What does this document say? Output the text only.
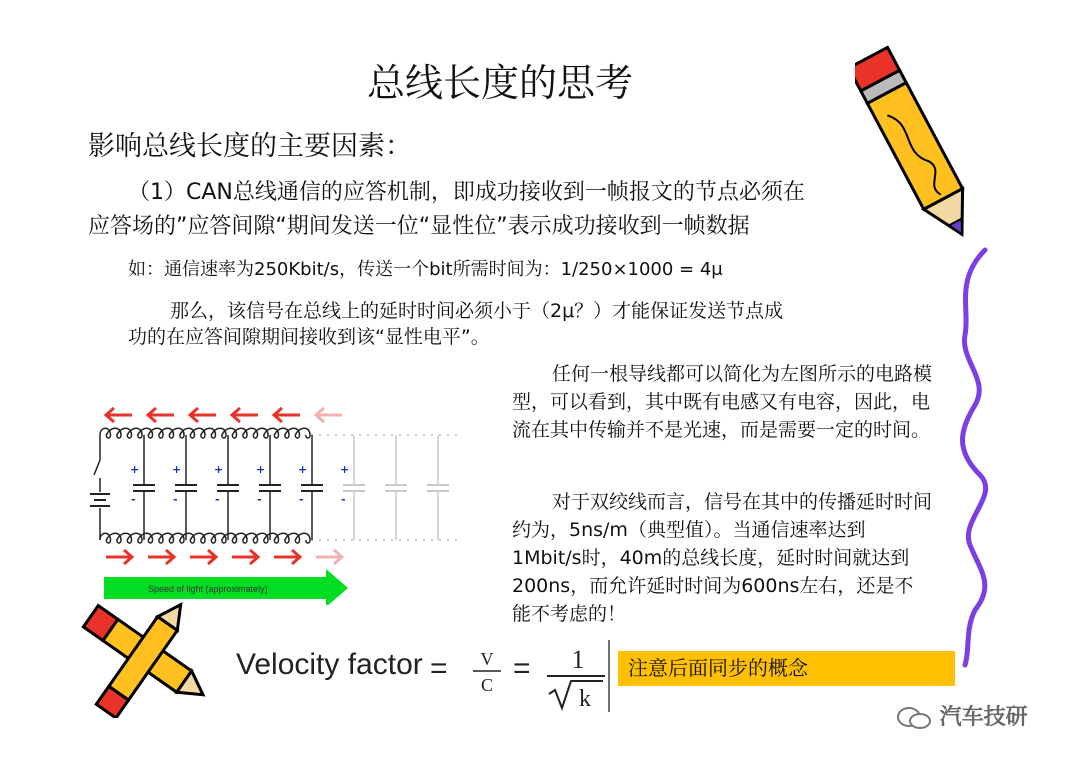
总线长度的思考
影响总线长度的主要因素：
（1）CAN总线通信的应答机制，即成功接收到一帧报文的节点必须在
应答场的”应答间隙“期间发送一位“显性位”表示成功接收到一帧数据
如：通信速率为250Kbit/s，传送一个bit所需时间为：1/250×1000 = 4μ
那么，该信号在总线上的延时时间必须小于（2μ？）才能保证发送节点成
功的在应答间隙期间接收到该“显性电平”。
任何一根导线都可以简化为左图所示的电路模型，可以看到，其中既有电感又有电容，因此，电流在其中传输并不是光速，而是需要一定的时间。
对于双绞线而言，信号在其中的传播延时时间约为，5ns/m（典型值）。当通信速率达到1Mbit/s时，40m的总线长度，延时时间就达到200ns，而允许延时时间为600ns左右，还是不能不考虑的！
注意后面同步的概念
+
-
+
-
+
-
+
-
+
-
+
-
Speed of light (approximately)
Velocity factor = V
C = 1
k
汽车技研
